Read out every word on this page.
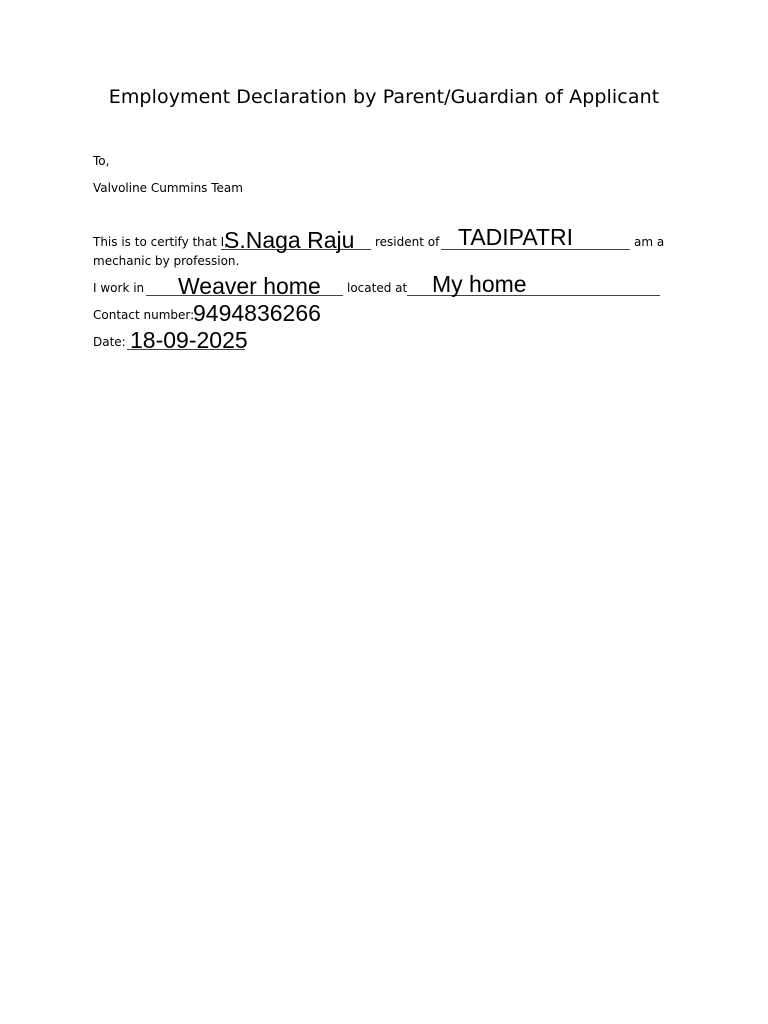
Employment Declaration by Parent/Guardian of Applicant
To,
Valvoline Cummins Team
This is to certify that I,
S.Naga Raju resident of TADIPATRI	am a
mechanic by profession.
I work in Weaver home located at My home
Contact number:
9494836266
Date: 18-09-2025
